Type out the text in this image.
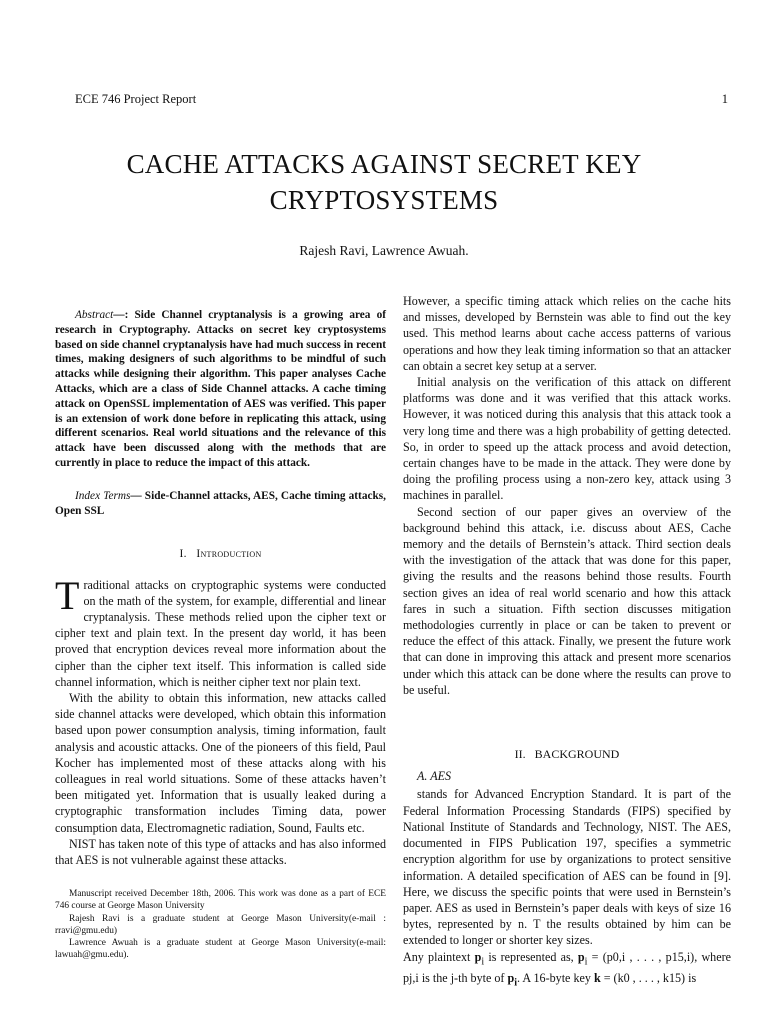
ECE 746 Project Report	1
CACHE ATTACKS AGAINST SECRET KEY
CRYPTOSYSTEMS
Rajesh Ravi, Lawrence Awuah.

Abstract—: Side Channel cryptanalysis is a growing area of research in Cryptography. Attacks on secret key cryptosystems based on side channel cryptanalysis have had much success in recent times, making designers of such algorithms to be mindful of such attacks while designing their algorithm. This paper analyses Cache Attacks, which are a class of Side Channel attacks. A cache timing attack on OpenSSL implementation of AES was verified. This paper is an extension of work done before in replicating this attack, using different scenarios. Real world situations and the relevance of this attack have been discussed along with the methods that are currently in place to reduce the impact of this attack.

Index Terms— Side-Channel attacks, AES, Cache timing attacks, Open SSL

I. Introduction

Traditional attacks on cryptographic systems were conducted on the math of the system, for example, differential and linear cryptanalysis. These methods relied upon the cipher text or cipher text and plain text. In the present day world, it has been proved that encryption devices reveal more information about the cipher than the cipher text itself. This information is called side channel information, which is neither cipher text nor plain text.

With the ability to obtain this information, new attacks called side channel attacks were developed, which obtain this information based upon power consumption analysis, timing information, fault analysis and acoustic attacks. One of the pioneers of this field, Paul Kocher has implemented most of these attacks along with his colleagues in real world situations. Some of these attacks haven’t been mitigated yet. Information that is usually leaked during a cryptographic transformation includes Timing data, power consumption data, Electromagnetic radiation, Sound, Faults etc.

NIST has taken note of this type of attacks and has also informed that AES is not vulnerable against these attacks.

Manuscript received December 18th, 2006. This work was done as a part of ECE 746 course at George Mason University

Rajesh Ravi is a graduate student at George Mason University(e-mail : rravi@gmu.edu)

Lawrence Awuah is a graduate student at George Mason University(e-mail: lawuah@gmu.edu).

However, a specific timing attack which relies on the cache hits and misses, developed by Bernstein was able to find out the key used. This method learns about cache access patterns of various operations and how they leak timing information so that an attacker can obtain a secret key setup at a server.

Initial analysis on the verification of this attack on different platforms was done and it was verified that this attack works. However, it was noticed during this analysis that this attack took a very long time and there was a high probability of getting detected. So, in order to speed up the attack process and avoid detection, certain changes have to be made in the attack. They were done by doing the profiling process using a non-zero key, attack using 3 machines in parallel.

Second section of our paper gives an overview of the background behind this attack, i.e. discuss about AES, Cache memory and the details of Bernstein’s attack. Third section deals with the investigation of the attack that was done for this paper, giving the results and the reasons behind those results. Fourth section gives an idea of real world scenario and how this attack fares in such a situation. Fifth section discusses mitigation methodologies currently in place or can be taken to prevent or reduce the effect of this attack. Finally, we present the future work that can done in improving this attack and present more scenarios under which this attack can be done where the results can prove to be useful.

II. BACKGROUND
A. AES

stands for Advanced Encryption Standard. It is part of the Federal Information Processing Standards (FIPS) specified by National Institute of Standards and Technology, NIST. The AES, documented in FIPS Publication 197, specifies a symmetric encryption algorithm for use by organizations to protect sensitive information. A detailed specification of AES can be found in [9]. Here, we discuss the specific points that were used in Bernstein’s paper. AES as used in Bernstein’s paper deals with keys of size 16 bytes, represented by n. T the results obtained by him can be extended to longer or shorter key sizes.

Any plaintext $p_i$ is represented as, $p_i = (p0,i$ , . . . , p15,i), where pj,i is the j-th byte of $p_i$. A 16-byte key k = (k0 , . . . , k15) is
